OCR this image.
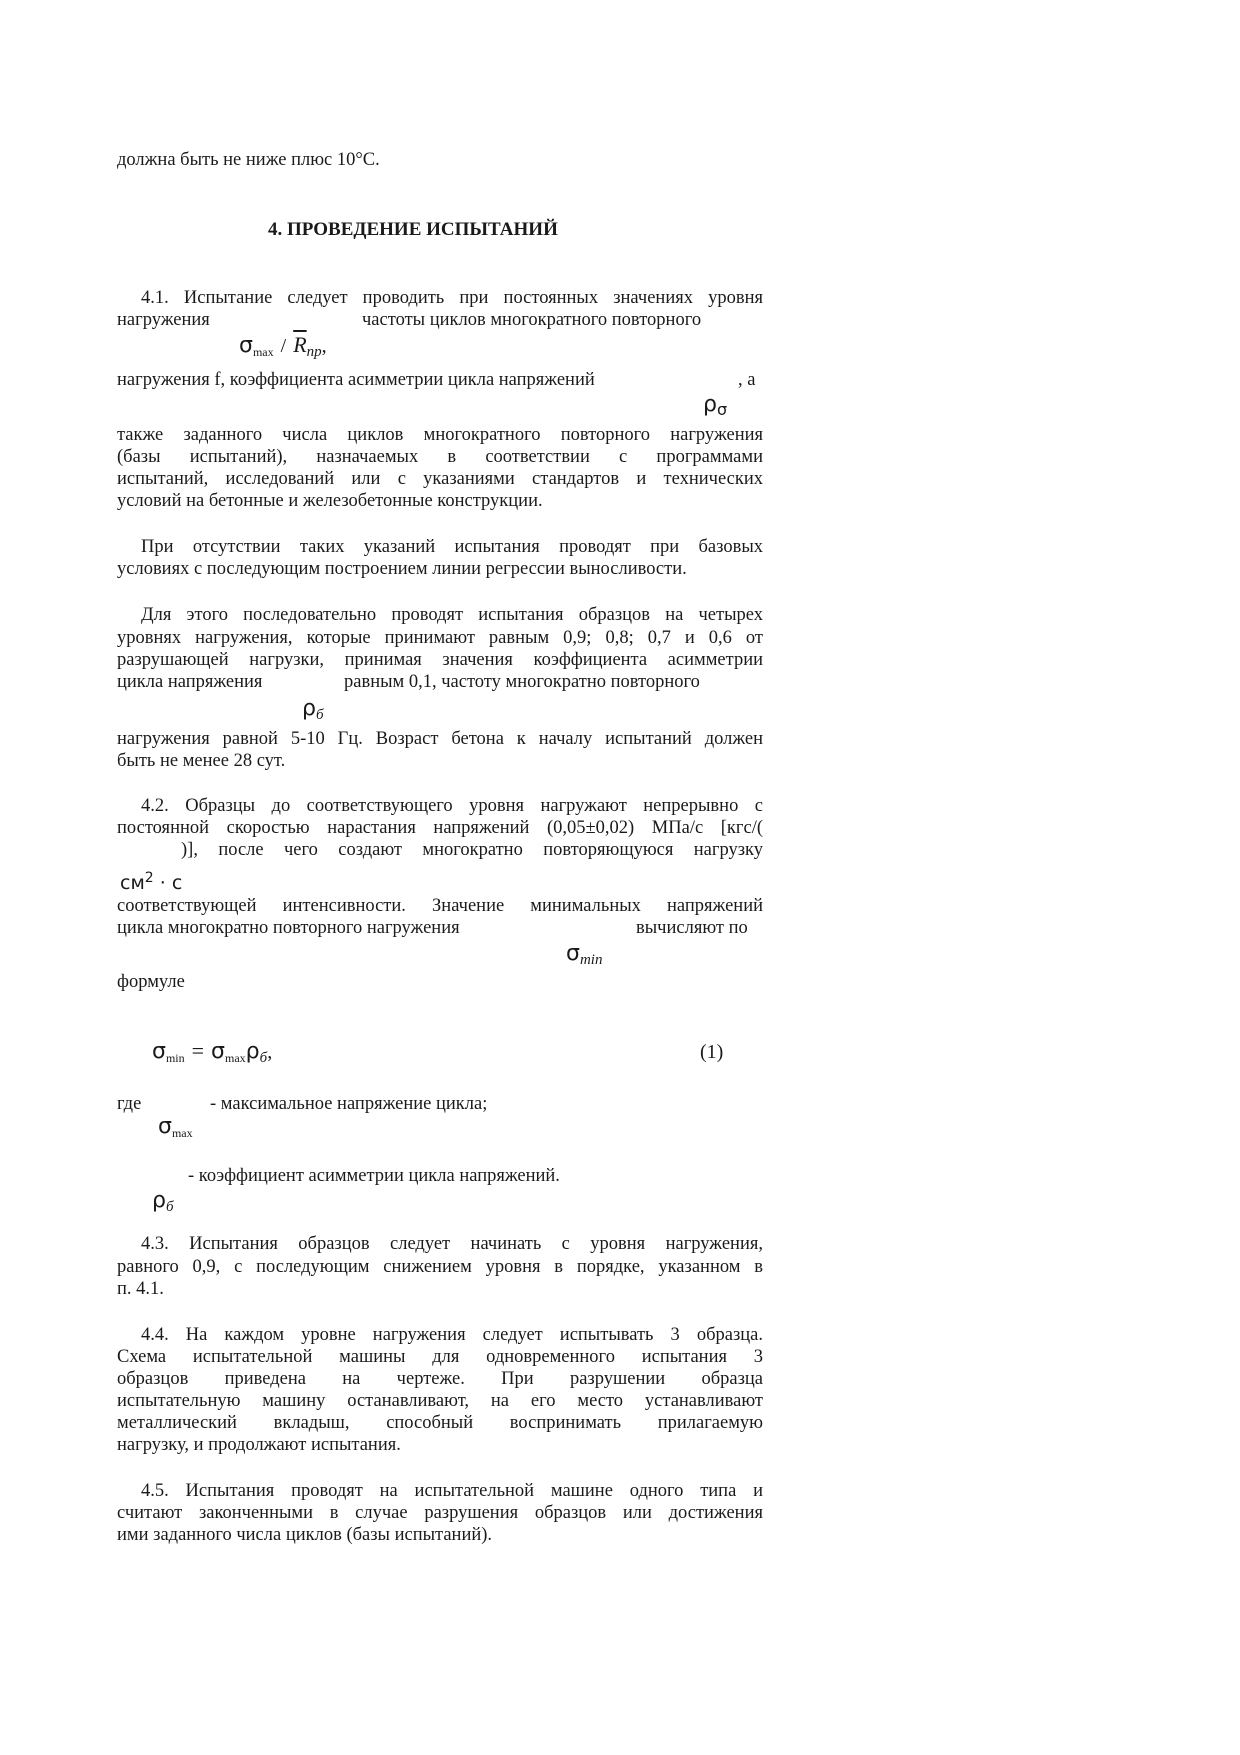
должна быть не ниже плюс 10°С.
4. ПРОВЕДЕНИЕ ИСПЫТАНИЙ
4.1. Испытание следует проводить при постоянных значениях уровня
нагружения	частоты циклов многократного повторного
$\sigma_{max} / \overline{R}пр$,
нагружения f, коэффициента асимметрии цикла напряжений	, а
ρσ
также заданного числа циклов многократного повторного нагружения
(базы испытаний), назначаемых в соответствии с программами
испытаний, исследований или с указаниями стандартов и технических
условий на бетонные и железобетонные конструкции.
При отсутствии таких указаний испытания проводят при базовых
условиях с последующим построением линии регрессии выносливости.
Для этого последовательно проводят испытания образцов на четырех
уровнях нагружения, которые принимают равным 0,9; 0,8; 0,7 и 0,6 от
разрушающей нагрузки, принимая значения коэффициента асимметрии
цикла напряжения	равным 0,1, частоту многократно повторного
ρб
нагружения равной 5-10 Гц. Возраст бетона к началу испытаний должен
быть не менее 28 сут.
4.2. Образцы до соответствующего уровня нагружают непрерывно с
постоянной скоростью нарастания напряжений (0,05±0,02) МПа/с [кгс/(
)], после чего создают многократно повторяющуюся нагрузку
$см^2 \cdot с$
соответствующей интенсивности. Значение минимальных напряжений
цикла многократно повторного нагружения	вычисляют по
σmin
формуле
$\sigma_{min} = \sigma_{max}\rho б$,	(1)
где	- максимальное напряжение цикла;
$\sigma_{max}$
- коэффициент асимметрии цикла напряжений.
ρб
4.3. Испытания образцов следует начинать с уровня нагружения,
равного 0,9, с последующим снижением уровня в порядке, указанном в
п. 4.1.
4.4. На каждом уровне нагружения следует испытывать 3 образца.
Схема испытательной машины для одновременного испытания 3
образцов приведена на чертеже. При разрушении образца
испытательную машину останавливают, на его место устанавливают
металлический вкладыш, способный воспринимать прилагаемую
нагрузку, и продолжают испытания.
4.5. Испытания проводят на испытательной машине одного типа и
считают законченными в случае разрушения образцов или достижения
ими заданного числа циклов (базы испытаний).
